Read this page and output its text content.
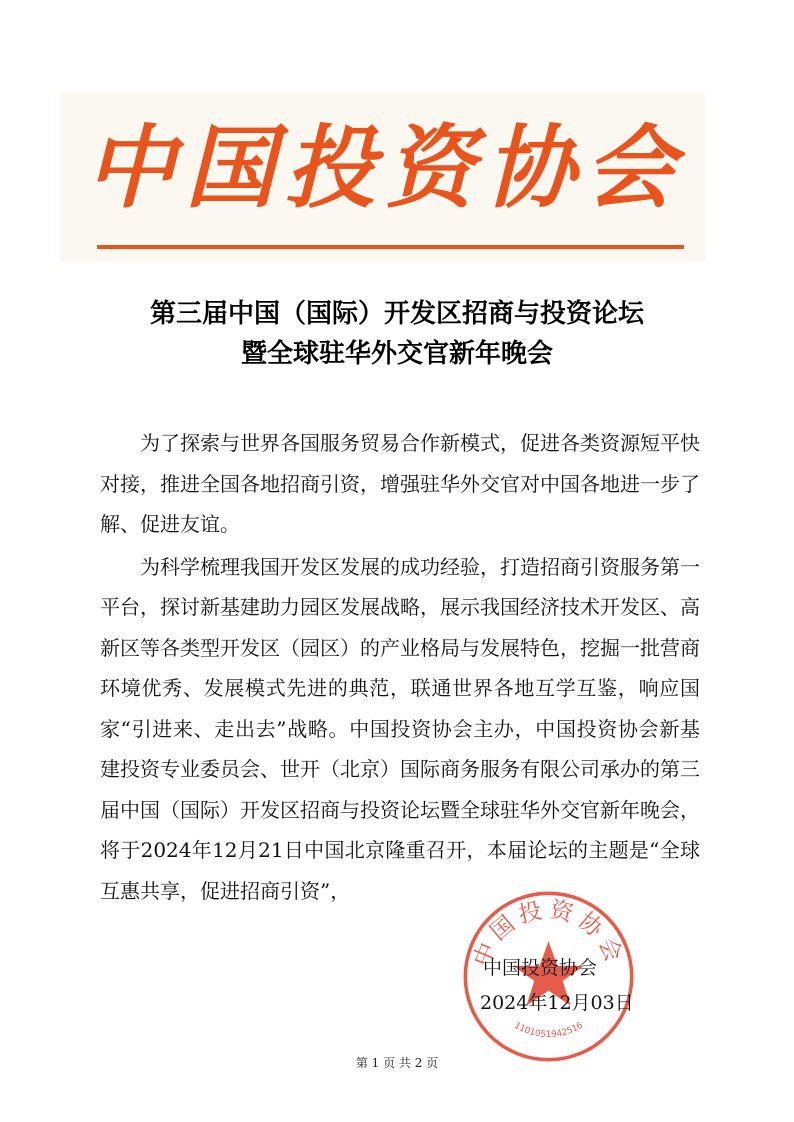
中国投资协会
第三届中国（国际）开发区招商与投资论坛
暨全球驻华外交官新年晚会

为了探索与世界各国服务贸易合作新模式，促进各类资源短平快对接，推进全国各地招商引资，增强驻华外交官对中国各地进一步了解、促进友谊。

为科学梳理我国开发区发展的成功经验，打造招商引资服务第一平台，探讨新基建助力园区发展战略，展示我国经济技术开发区、高新区等各类型开发区（园区）的产业格局与发展特色，挖掘一批营商环境优秀、发展模式先进的典范，联通世界各地互学互鉴，响应国家“引进来、走出去”战略。中国投资协会主办，中国投资协会新基建投资专业委员会、世开（北京）国际商务服务有限公司承办的第三届中国（国际）开发区招商与投资论坛暨全球驻华外交官新年晚会，将于2024年12月21日中国北京隆重召开，本届论坛的主题是“全球互惠共享，促进招商引资”，

中国投资协会
1101051942516
中国投资协会
2024年12月03日
第 1 页 共 2 页
